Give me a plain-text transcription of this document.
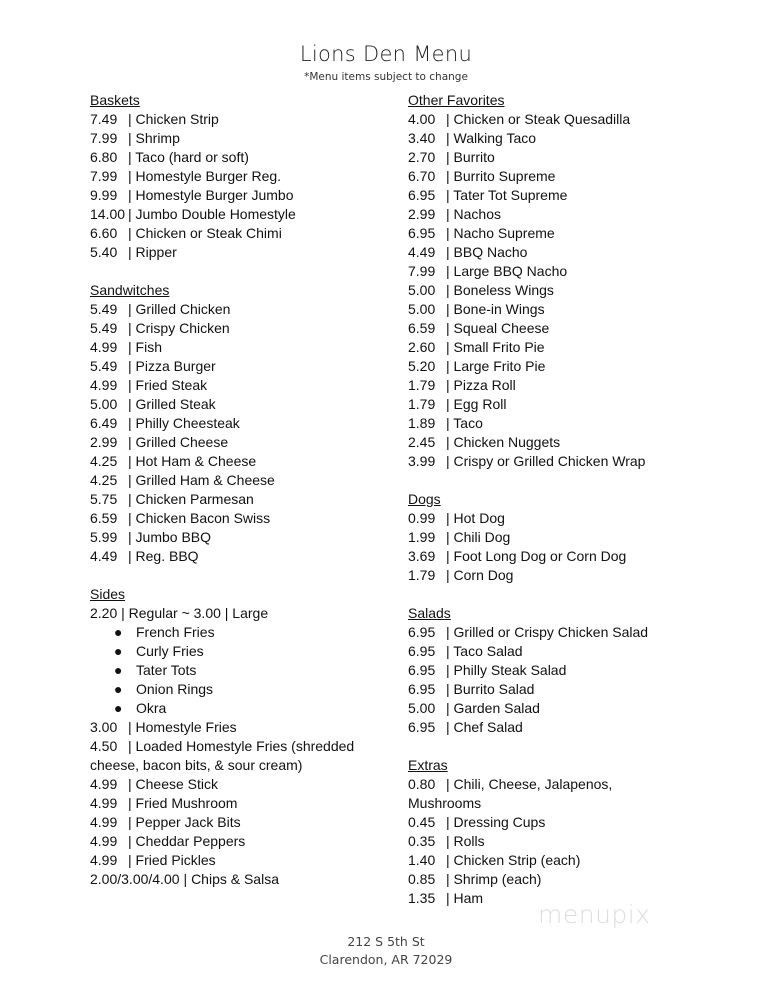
Lions Den Menu
*Menu items subject to change
Baskets
7.49 | Chicken Strip
7.99 | Shrimp
6.80 | Taco (hard or soft)
7.99 | Homestyle Burger Reg.
9.99 | Homestyle Burger Jumbo
14.00 | Jumbo Double Homestyle
6.60 | Chicken or Steak Chimi
5.40 | Ripper
Sandwitches
5.49 | Grilled Chicken
5.49 | Crispy Chicken
4.99 | Fish
5.49 | Pizza Burger
4.99 | Fried Steak
5.00 | Grilled Steak
6.49 | Philly Cheesteak
2.99 | Grilled Cheese
4.25 | Hot Ham & Cheese
4.25 | Grilled Ham & Cheese
5.75 | Chicken Parmesan
6.59 | Chicken Bacon Swiss
5.99 | Jumbo BBQ
4.49 | Reg. BBQ
Sides
2.20 | Regular ~ 3.00 | Large
● French Fries
● Curly Fries
● Tater Tots
● Onion Rings
● Okra
3.00 | Homestyle Fries
4.50 | Loaded Homestyle Fries (shredded
cheese, bacon bits, & sour cream)
4.99 | Cheese Stick
4.99 | Fried Mushroom
4.99 | Pepper Jack Bits
4.99 | Cheddar Peppers
4.99 | Fried Pickles
2.00/3.00/4.00 | Chips & Salsa
Other Favorites
4.00 | Chicken or Steak Quesadilla
3.40 | Walking Taco
2.70 | Burrito
6.70 | Burrito Supreme
6.95 | Tater Tot Supreme
2.99 | Nachos
6.95 | Nacho Supreme
4.49 | BBQ Nacho
7.99 | Large BBQ Nacho
5.00 | Boneless Wings
5.00 | Bone-in Wings
6.59 | Squeal Cheese
2.60 | Small Frito Pie
5.20 | Large Frito Pie
1.79 | Pizza Roll
1.79 | Egg Roll
1.89 | Taco
2.45 | Chicken Nuggets
3.99 | Crispy or Grilled Chicken Wrap
Dogs
0.99 | Hot Dog
1.99 | Chili Dog
3.69 | Foot Long Dog or Corn Dog
1.79 | Corn Dog
Salads
6.95 | Grilled or Crispy Chicken Salad
6.95 | Taco Salad
6.95 | Philly Steak Salad
6.95 | Burrito Salad
5.00 | Garden Salad
6.95 | Chef Salad
Extras
0.80 | Chili, Cheese, Jalapenos,
Mushrooms
0.45 | Dressing Cups
0.35 | Rolls
1.40 | Chicken Strip (each)
0.85 | Shrimp (each)
1.35 | Ham
212 S 5th St
Clarendon, AR 72029
menupix
